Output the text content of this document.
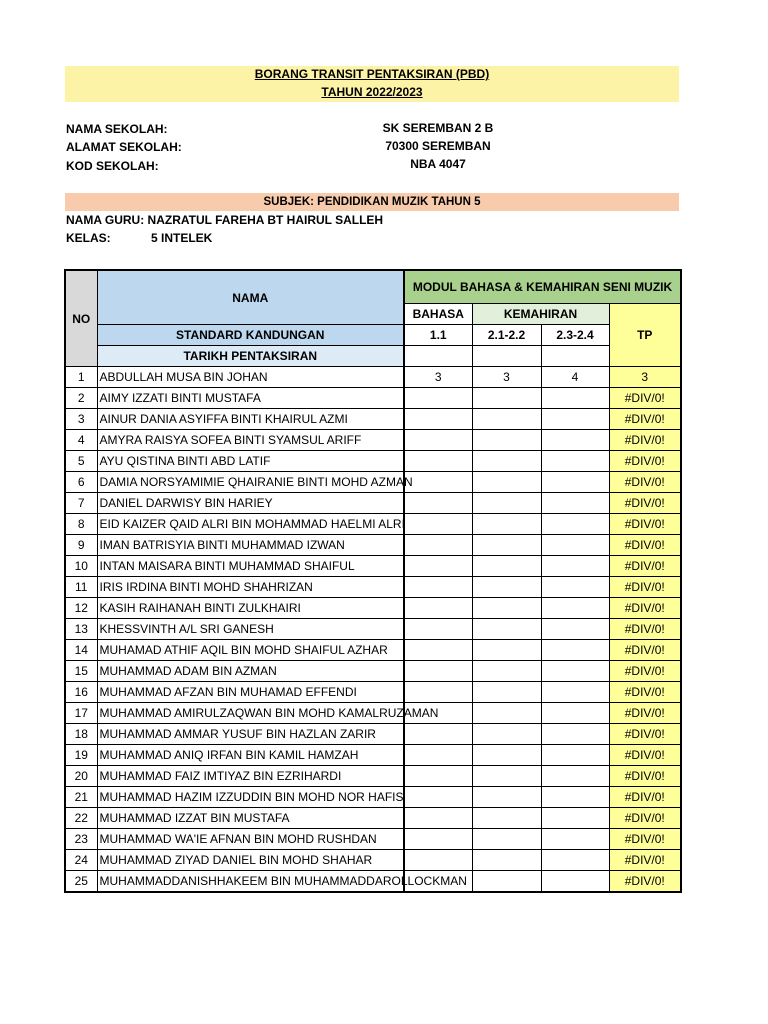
BORANG TRANSIT PENTAKSIRAN (PBD)
TAHUN 2022/2023
NAMA SEKOLAH:	SK SEREMBAN 2 B
ALAMAT SEKOLAH:	70300 SEREMBAN
KOD SEKOLAH:	NBA 4047
SUBJEK: PENDIDIKAN MUZIK TAHUN 5
NAMA GURU: NAZRATUL FAREHA BT HAIRUL SALLEH
KELAS:	5 INTELEK
NO	NAMA	MODUL BAHASA & KEMAHIRAN SENI MUZIK			
		BAHASA	KEMAHIRAN		TP
	STANDARD KANDUNGAN	1.1	2.1-2.2	2.3-2.4	
	TARIKH PENTAKSIRAN				
1	ABDULLAH MUSA BIN JOHAN	3	3	4	3
2	AIMY IZZATI BINTI MUSTAFA				#DIV/0!
3	AINUR DANIA ASYIFFA BINTI KHAIRUL AZMI				#DIV/0!
4	AMYRA RAISYA SOFEA BINTI SYAMSUL ARIFF				#DIV/0!
5	AYU QISTINA BINTI ABD LATIF				#DIV/0!
6	DAMIA NORSYAMIMIE QHAIRANIE BINTI MOHD AZMAN				#DIV/0!
7	DANIEL DARWISY BIN HARIEY				#DIV/0!
8	EID KAIZER QAID ALRI BIN MOHAMMAD HAELMI ALRI				#DIV/0!
9	IMAN BATRISYIA BINTI MUHAMMAD IZWAN				#DIV/0!
10	INTAN MAISARA BINTI MUHAMMAD SHAIFUL				#DIV/0!
11	IRIS IRDINA BINTI MOHD SHAHRIZAN				#DIV/0!
12	KASIH RAIHANAH BINTI ZULKHAIRI				#DIV/0!
13	KHESSVINTH A/L SRI GANESH				#DIV/0!
14	MUHAMAD ATHIF AQIL BIN MOHD SHAIFUL AZHAR				#DIV/0!
15	MUHAMMAD ADAM BIN AZMAN				#DIV/0!
16	MUHAMMAD AFZAN BIN MUHAMAD EFFENDI				#DIV/0!
17	MUHAMMAD AMIRULZAQWAN BIN MOHD KAMALRUZAMAN				#DIV/0!
18	MUHAMMAD AMMAR YUSUF BIN HAZLAN ZARIR				#DIV/0!
19	MUHAMMAD ANIQ IRFAN BIN KAMIL HAMZAH				#DIV/0!
20	MUHAMMAD FAIZ IMTIYAZ BIN EZRIHARDI				#DIV/0!
21	MUHAMMAD HAZIM IZZUDDIN BIN MOHD NOR HAFIS				#DIV/0!
22	MUHAMMAD IZZAT BIN MUSTAFA				#DIV/0!
23	MUHAMMAD WA'IE AFNAN BIN MOHD RUSHDAN				#DIV/0!
24	MUHAMMAD ZIYAD DANIEL BIN MOHD SHAHAR				#DIV/0!
25	MUHAMMADDANISHHAKEEM BIN MUHAMMADDAROLLOCKMAN				#DIV/0!
